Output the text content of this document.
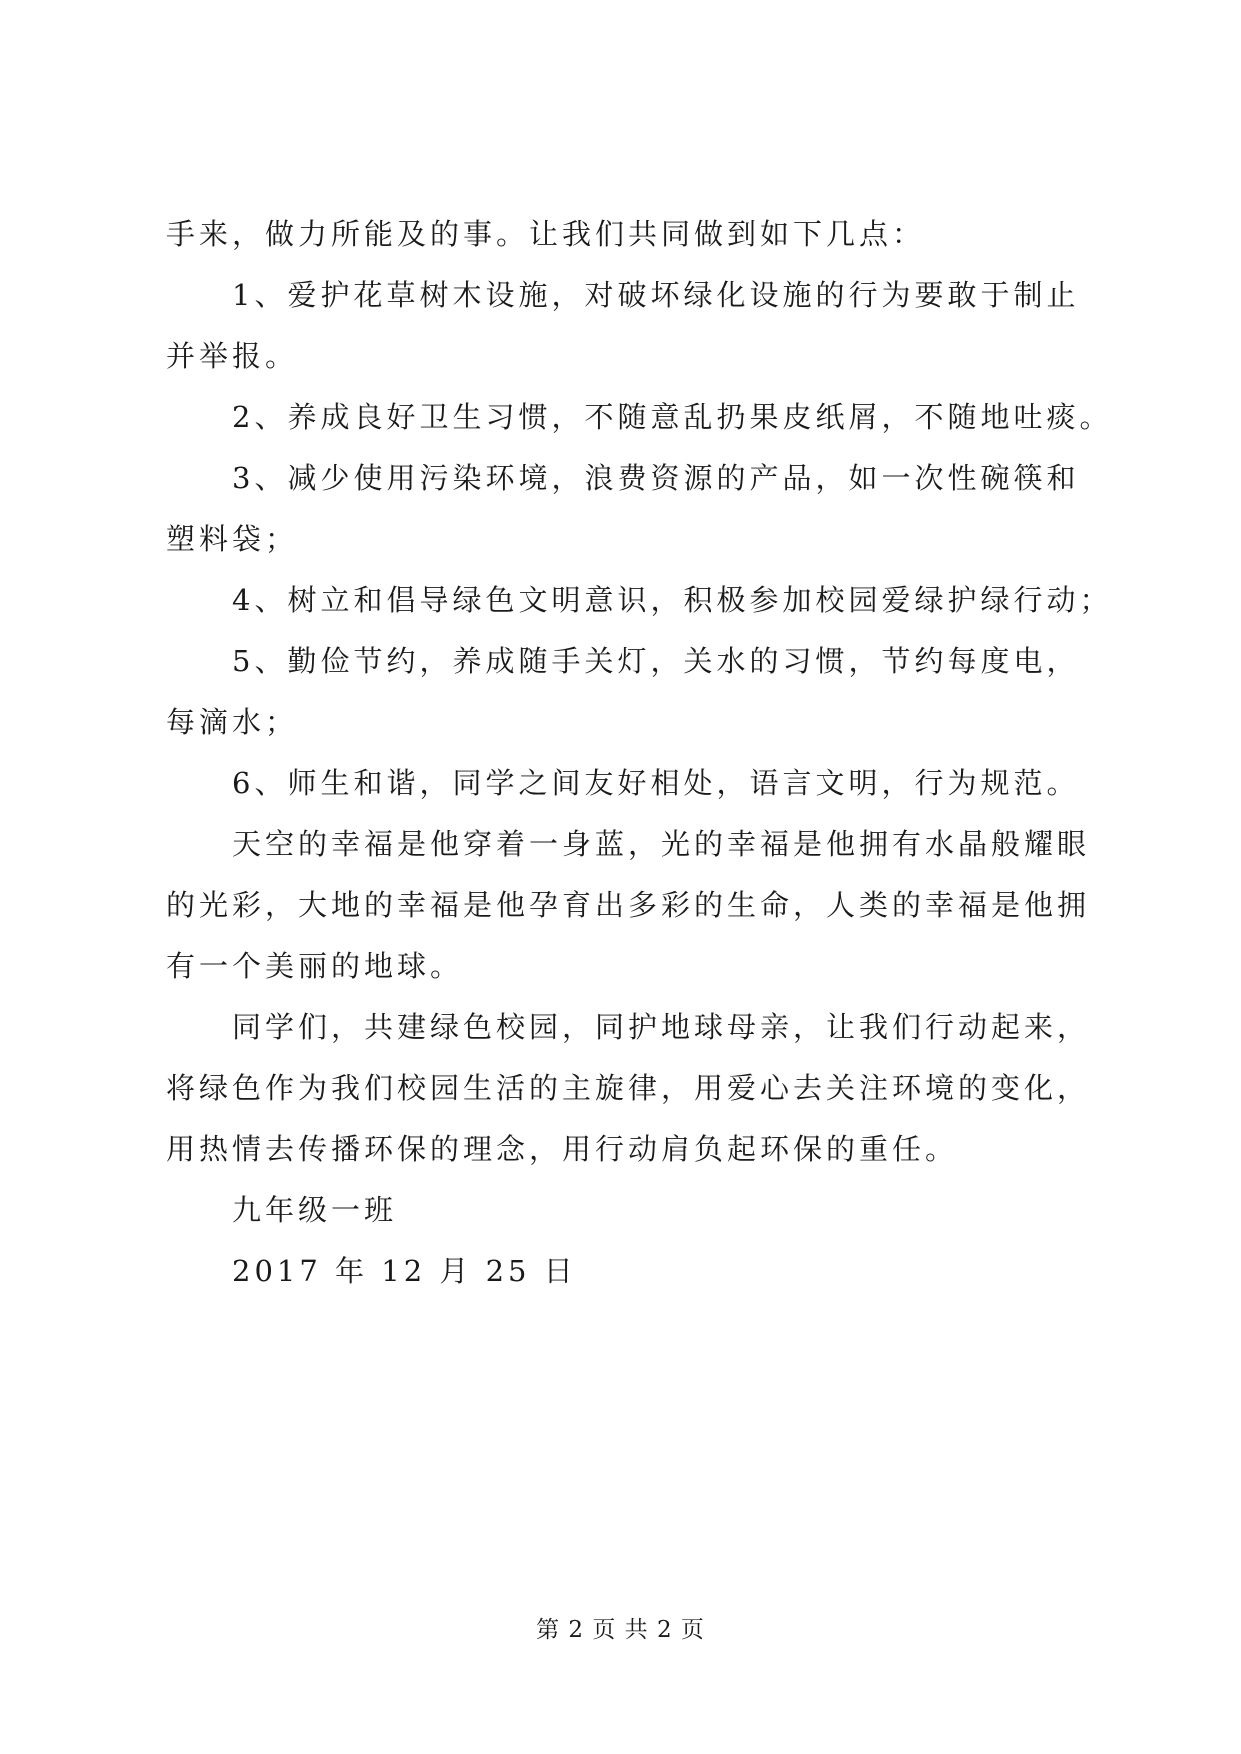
手来，做力所能及的事。让我们共同做到如下几点：

1、爱护花草树木设施，对破坏绿化设施的行为要敢于制止

并举报。

2、养成良好卫生习惯，不随意乱扔果皮纸屑，不随地吐痰。

3、减少使用污染环境，浪费资源的产品，如一次性碗筷和

塑料袋；

4、树立和倡导绿色文明意识，积极参加校园爱绿护绿行动；

5、勤俭节约，养成随手关灯，关水的习惯，节约每度电，

每滴水；

6、师生和谐，同学之间友好相处，语言文明，行为规范。

天空的幸福是他穿着一身蓝，光的幸福是他拥有水晶般耀眼

的光彩，大地的幸福是他孕育出多彩的生命，人类的幸福是他拥

有一个美丽的地球。

同学们，共建绿色校园，同护地球母亲，让我们行动起来，

将绿色作为我们校园生活的主旋律，用爱心去关注环境的变化，

用热情去传播环保的理念，用行动肩负起环保的重任。

九年级一班

2017 年 12 月 25 日

第 2 页 共 2 页
